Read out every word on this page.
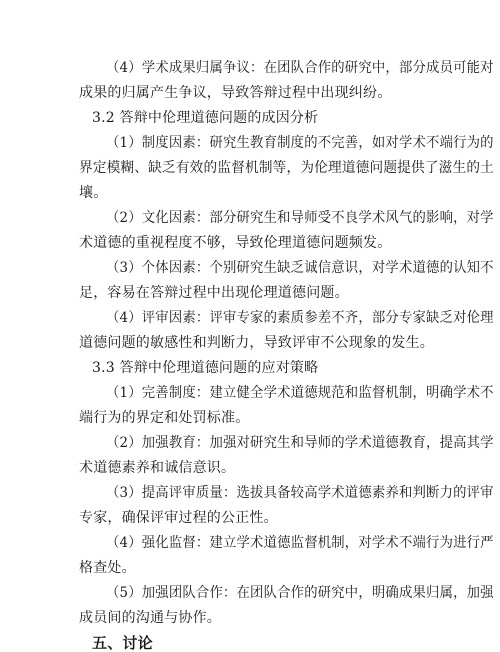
（4）学术成果归属争议：在团队合作的研究中，部分成员可能对
成果的归属产生争议，导致答辩过程中出现纠纷。
3.2 答辩中伦理道德问题的成因分析
（1）制度因素：研究生教育制度的不完善，如对学术不端行为的
界定模糊、缺乏有效的监督机制等，为伦理道德问题提供了滋生的土
壤。
（2）文化因素：部分研究生和导师受不良学术风气的影响，对学
术道德的重视程度不够，导致伦理道德问题频发。
（3）个体因素：个别研究生缺乏诚信意识，对学术道德的认知不
足，容易在答辩过程中出现伦理道德问题。
（4）评审因素：评审专家的素质参差不齐，部分专家缺乏对伦理
道德问题的敏感性和判断力，导致评审不公现象的发生。
3.3 答辩中伦理道德问题的应对策略
（1）完善制度：建立健全学术道德规范和监督机制，明确学术不
端行为的界定和处罚标准。
（2）加强教育：加强对研究生和导师的学术道德教育，提高其学
术道德素养和诚信意识。
（3）提高评审质量：选拔具备较高学术道德素养和判断力的评审
专家，确保评审过程的公正性。
（4）强化监督：建立学术道德监督机制，对学术不端行为进行严
格查处。
（5）加强团队合作：在团队合作的研究中，明确成果归属，加强
成员间的沟通与协作。
五、讨论
